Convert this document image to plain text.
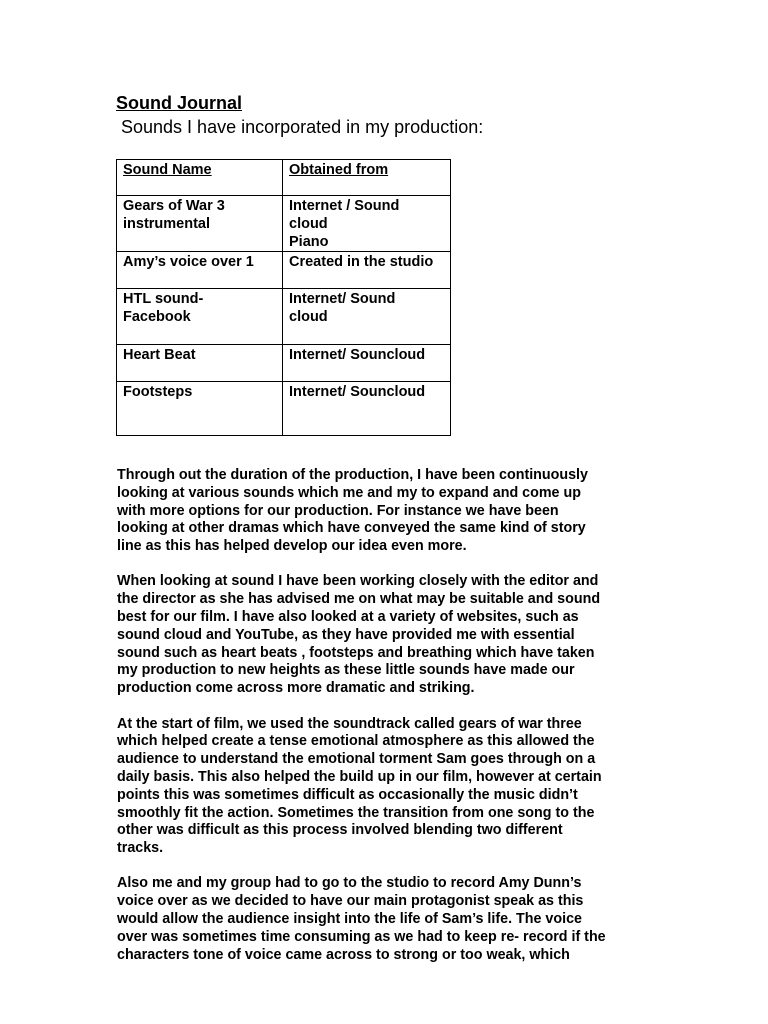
Sound Journal

Sounds I have incorporated in my production:

Sound Name	Obtained from

Gears of War 3
instrumental	Internet / Sound
cloud
Piano

Amy’s voice over 1	Created in the studio

HTL sound-
Facebook	Internet/ Sound
cloud

Heart Beat	Internet/ Souncloud

Footsteps	Internet/ Souncloud

Through out the duration of the production, I have been continuously
looking at various sounds which me and my to expand and come up
with more options for our production. For instance we have been
looking at other dramas which have conveyed the same kind of story
line as this has helped develop our idea even more.

When looking at sound I have been working closely with the editor and
the director as she has advised me on what may be suitable and sound
best for our film. I have also looked at a variety of websites, such as
sound cloud and YouTube, as they have provided me with essential
sound such as heart beats , footsteps and breathing which have taken
my production to new heights as these little sounds have made our
production come across more dramatic and striking.

At the start of film, we used the soundtrack called gears of war three
which helped create a tense emotional atmosphere as this allowed the
audience to understand the emotional torment Sam goes through on a
daily basis. This also helped the build up in our film, however at certain
points this was sometimes difficult as occasionally the music didn’t
smoothly fit the action. Sometimes the transition from one song to the
other was difficult as this process involved blending two different
tracks.

Also me and my group had to go to the studio to record Amy Dunn’s
voice over as we decided to have our main protagonist speak as this
would allow the audience insight into the life of Sam’s life. The voice
over was sometimes time consuming as we had to keep re- record if the
characters tone of voice came across to strong or too weak, which
